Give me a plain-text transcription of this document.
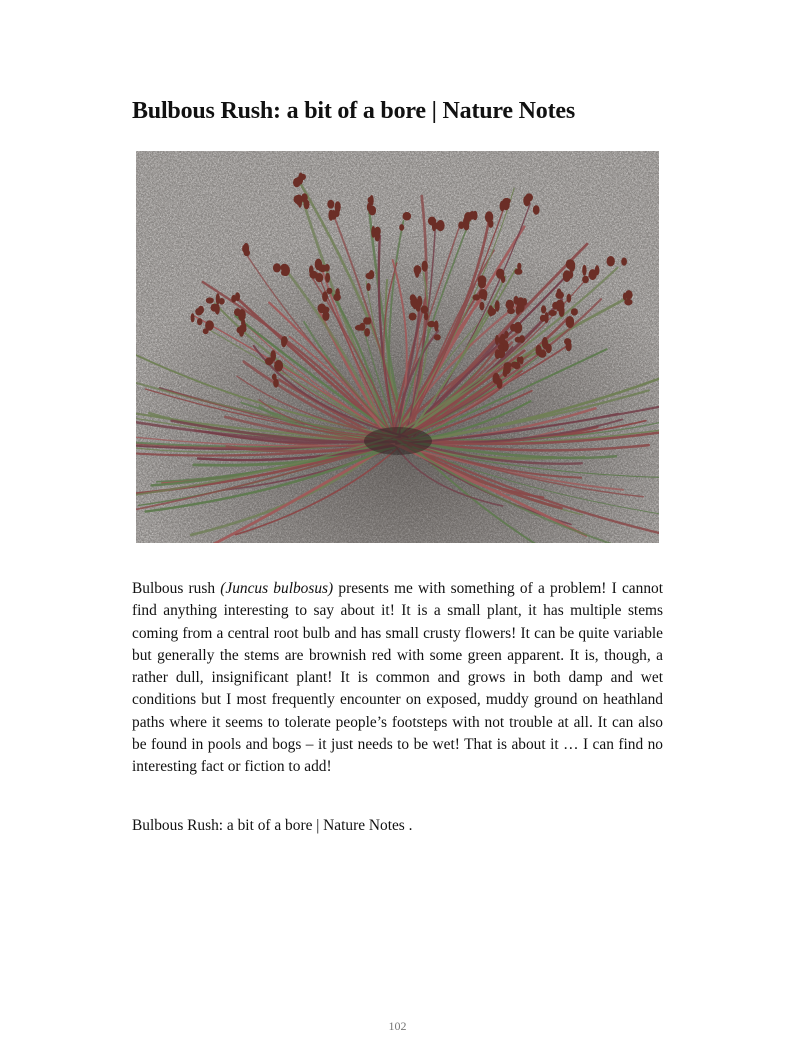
Bulbous Rush: a bit of a bore | Nature Notes

Bulbous rush (Juncus bulbosus) presents me with something of a problem! I cannot find anything interesting to say about it! It is a small plant, it has multiple stems coming from a central root bulb and has small crusty flowers! It can be quite variable but generally the stems are brownish red with some green apparent. It is, though, a rather dull, insignificant plant! It is common and grows in both damp and wet conditions but I most frequently encounter on exposed, muddy ground on heathland paths where it seems to tolerate people’s footsteps with not trouble at all. It can also be found in pools and bogs – it just needs to be wet! That is about it … I can find no interesting fact or fiction to add!

Bulbous Rush: a bit of a bore | Nature Notes .

102
